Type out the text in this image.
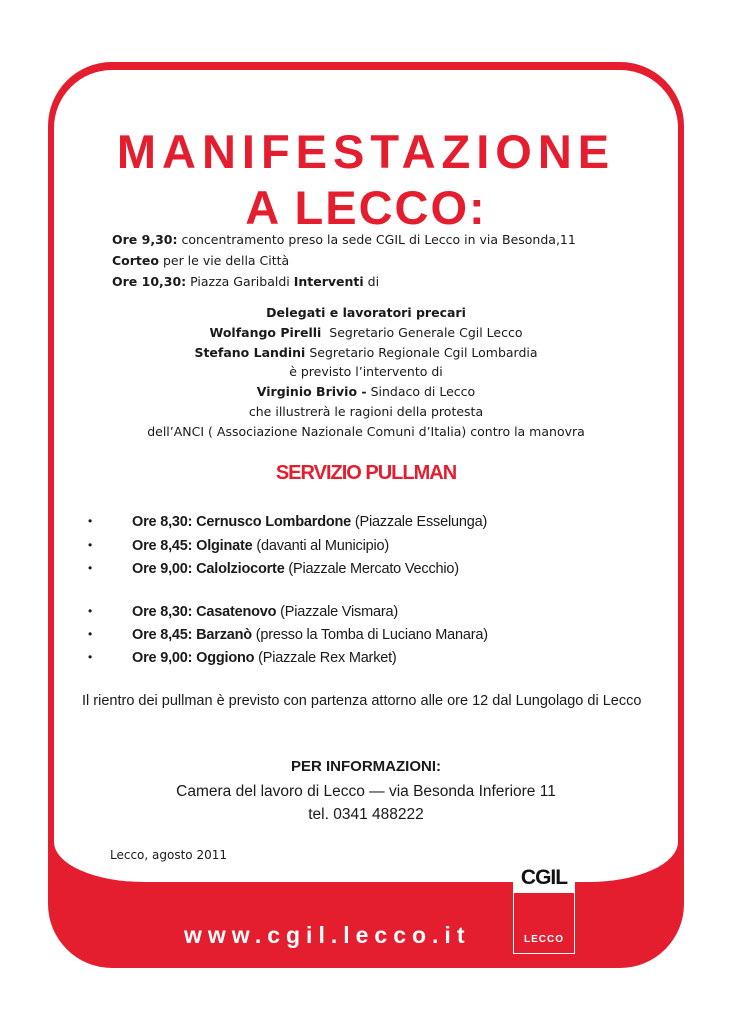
MANIFESTAZIONE
A LECCO:
Ore 9,30: concentramento preso la sede CGIL di Lecco in via Besonda,11
Corteo per le vie della Città
Ore 10,30: Piazza Garibaldi Interventi di
Delegati e lavoratori precari
Wolfango Pirelli  Segretario Generale Cgil Lecco
Stefano Landini Segretario Regionale Cgil Lombardia
è previsto l’intervento di
Virginio Brivio - Sindaco di Lecco
che illustrerà le ragioni della protesta
dell’ANCI ( Associazione Nazionale Comuni d’Italia) contro la manovra
SERVIZIO PULLMAN
•	Ore 8,30: Cernusco Lombardone (Piazzale Esselunga)
•	Ore 8,45: Olginate (davanti al Municipio)
•	Ore 9,00: Calolziocorte (Piazzale Mercato Vecchio)
•	Ore 8,30: Casatenovo (Piazzale Vismara)
•	Ore 8,45: Barzanò (presso la Tomba di Luciano Manara)
•	Ore 9,00: Oggiono (Piazzale Rex Market)
Il rientro dei pullman è previsto con partenza attorno alle ore 12 dal Lungolago di Lecco
PER INFORMAZIONI:
Camera del lavoro di Lecco — via Besonda Inferiore 11
tel. 0341 488222
Lecco, agosto 2011
www.cgil.lecco.it
CGIL
LECCO
